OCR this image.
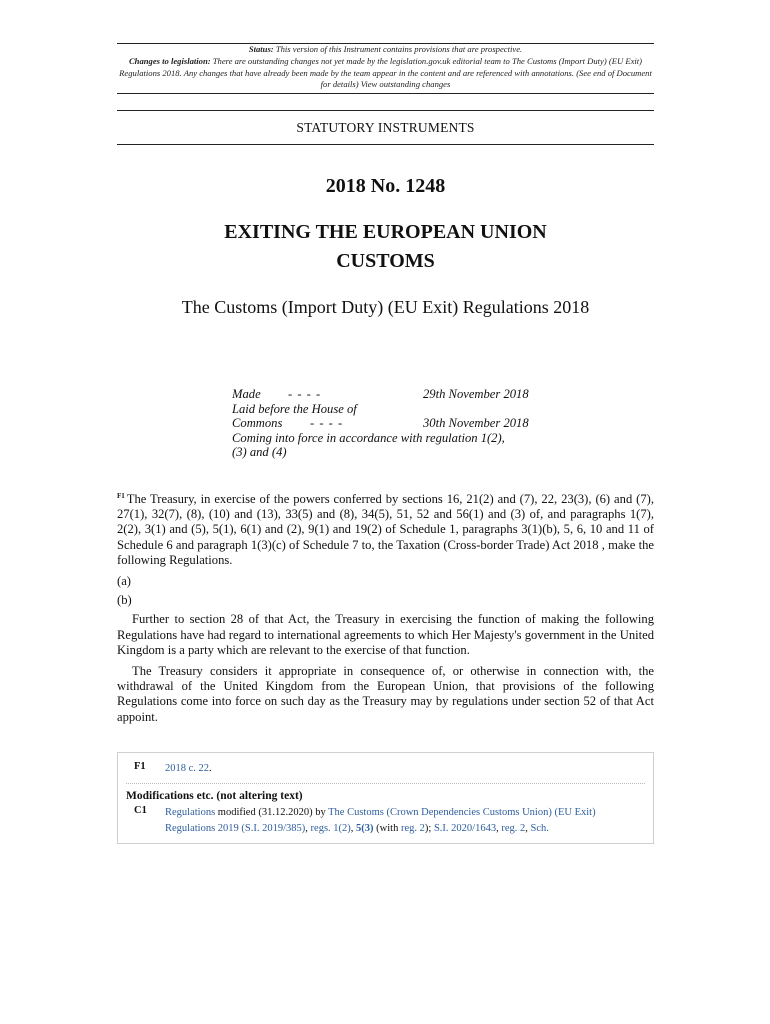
Status: This version of this Instrument contains provisions that are prospective.
Changes to legislation: There are outstanding changes not yet made by the legislation.gov.uk editorial team to The Customs (Import Duty) (EU Exit) Regulations 2018. Any changes that have already been made by the team appear in the content and are referenced with annotations. (See end of Document for details) View outstanding changes
STATUTORY INSTRUMENTS
2018 No. 1248
EXITING THE EUROPEAN UNION
CUSTOMS
The Customs (Import Duty) (EU Exit) Regulations 2018
Made - - - -	29th November 2018
Laid before the House of
Commons - - - -	30th November 2018
Coming into force in accordance with regulation 1(2),
(3) and (4)

$^{F1}$ The Treasury, in exercise of the powers conferred by sections 16, 21(2) and (7), 22, 23(3), (6) and (7), 27(1), 32(7), (8), (10) and (13), 33(5) and (8), 34(5), 51, 52 and 56(1) and (3) of, and paragraphs 1(7), 2(2), 3(1) and (5), 5(1), 6(1) and (2), 9(1) and 19(2) of Schedule 1, paragraphs 3(1)(b), 5, 6, 10 and 11 of Schedule 6 and paragraph 1(3)(c) of Schedule 7 to, the Taxation (Cross-border Trade) Act 2018 , make the following Regulations.

(a)

(b)

Further to section 28 of that Act, the Treasury in exercising the function of making the following Regulations have had regard to international agreements to which Her Majesty's government in the United Kingdom is a party which are relevant to the exercise of that function.

The Treasury considers it appropriate in consequence of, or otherwise in connection with, the withdrawal of the United Kingdom from the European Union, that provisions of the following Regulations come into force on such day as the Treasury may by regulations under section 52 of that Act appoint.

F1 2018 c. 22.
Modifications etc. (not altering text)
C1 Regulations modified (31.12.2020) by The Customs (Crown Dependencies Customs Union) (EU Exit) Regulations 2019 (S.I. 2019/385), regs. 1(2), 5(3) (with reg. 2); S.I. 2020/1643, reg. 2, Sch.
